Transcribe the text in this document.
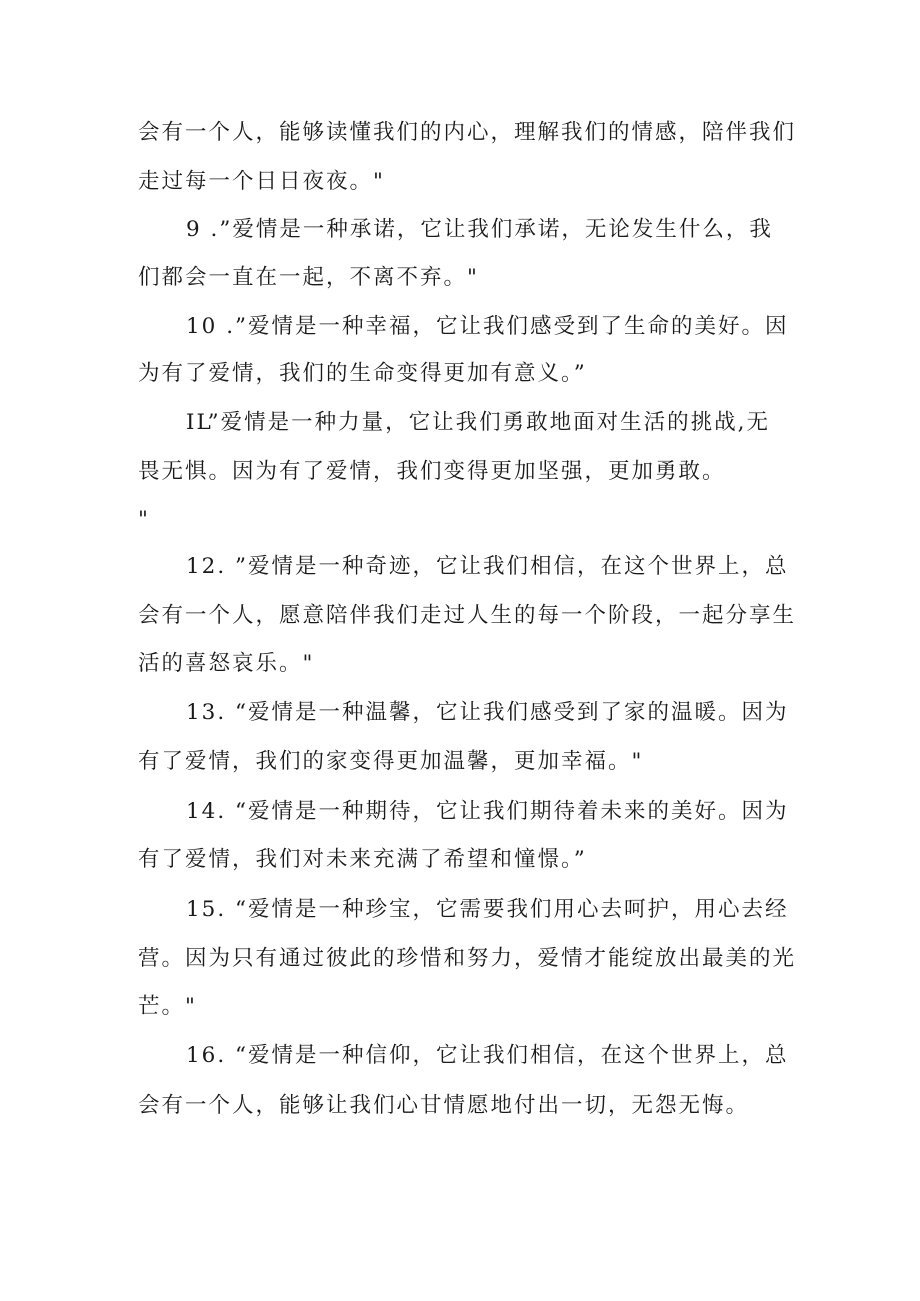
会有一个人，能够读懂我们的内心，理解我们的情感，陪伴我们
走过每一个日日夜夜。"
9 .”爱情是一种承诺，它让我们承诺，无论发生什么，我
们都会一直在一起，不离不弃。"
10 .”爱情是一种幸福，它让我们感受到了生命的美好。因
为有了爱情，我们的生命变得更加有意义。”
IL”爱情是一种力量，它让我们勇敢地面对生活的挑战,无
畏无惧。因为有了爱情，我们变得更加坚强，更加勇敢。
"
12. ”爱情是一种奇迹，它让我们相信，在这个世界上，总
会有一个人，愿意陪伴我们走过人生的每一个阶段，一起分享生
活的喜怒哀乐。"
13. “爱情是一种温馨，它让我们感受到了家的温暖。因为
有了爱情，我们的家变得更加温馨，更加幸福。"
14. “爱情是一种期待，它让我们期待着未来的美好。因为
有了爱情，我们对未来充满了希望和憧憬。”
15. “爱情是一种珍宝，它需要我们用心去呵护，用心去经
营。因为只有通过彼此的珍惜和努力，爱情才能绽放出最美的光
芒。"
16. “爱情是一种信仰，它让我们相信，在这个世界上，总
会有一个人，能够让我们心甘情愿地付出一切，无怨无悔。
